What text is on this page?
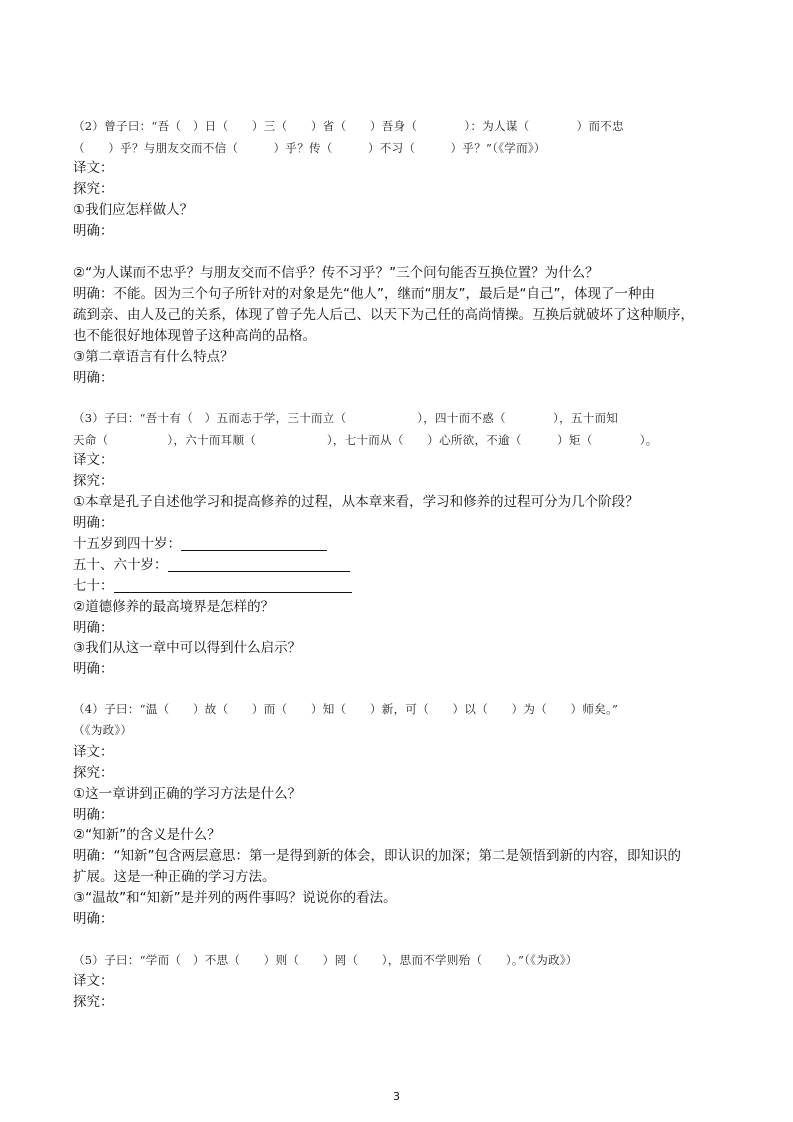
（2）曾子曰：“吾（　）日（　　）三（　　）省（　　）吾身（　　　　）：为人谋（　　　　）而不忠
（　　）乎？与朋友交而不信（　　　）乎？传（　　　）不习（　　　）乎？”（《学而》）
译文：
探究：
①我们应怎样做人？
明确：
②“为人谋而不忠乎？与朋友交而不信乎？传不习乎？”三个问句能否互换位置？为什么？
明确：不能。因为三个句子所针对的对象是先“他人”，继而“朋友”，最后是“自己”，体现了一种由
疏到亲、由人及己的关系，体现了曾子先人后己、以天下为己任的高尚情操。互换后就破坏了这种顺序，
也不能很好地体现曾子这种高尚的品格。
③第二章语言有什么特点？
明确：
（3）子曰：“吾十有（　）五而志于学，三十而立（　　　　　　），四十而不惑（　　　　），五十而知
天命（　　　　　），六十而耳顺（　　　　　　），七十而从（　　）心所欲，不逾（　　　）矩（　　　　）。
译文：
探究：
①本章是孔子自述他学习和提高修养的过程，从本章来看，学习和修养的过程可分为几个阶段？
明确：
十五岁到四十岁：
五十、六十岁：
七十：
②道德修养的最高境界是怎样的？
明确：
③我们从这一章中可以得到什么启示？
明确：
（4）子曰：“温（　　）故（　　）而（　　）知（　　）新，可（　　）以（　　）为（　　）师矣。”
（《为政》）
译文：
探究：
①这一章讲到正确的学习方法是什么？
明确：
②“知新”的含义是什么？
明确：“知新”包含两层意思：第一是得到新的体会，即认识的加深；第二是领悟到新的内容，即知识的
扩展。这是一种正确的学习方法。
③“温故”和“知新”是并列的两件事吗？说说你的看法。
明确：
（5）子曰：“学而（　）不思（　　）则（　　）罔（　　），思而不学则殆（　　）。”（《为政》）
译文：
探究：
3
